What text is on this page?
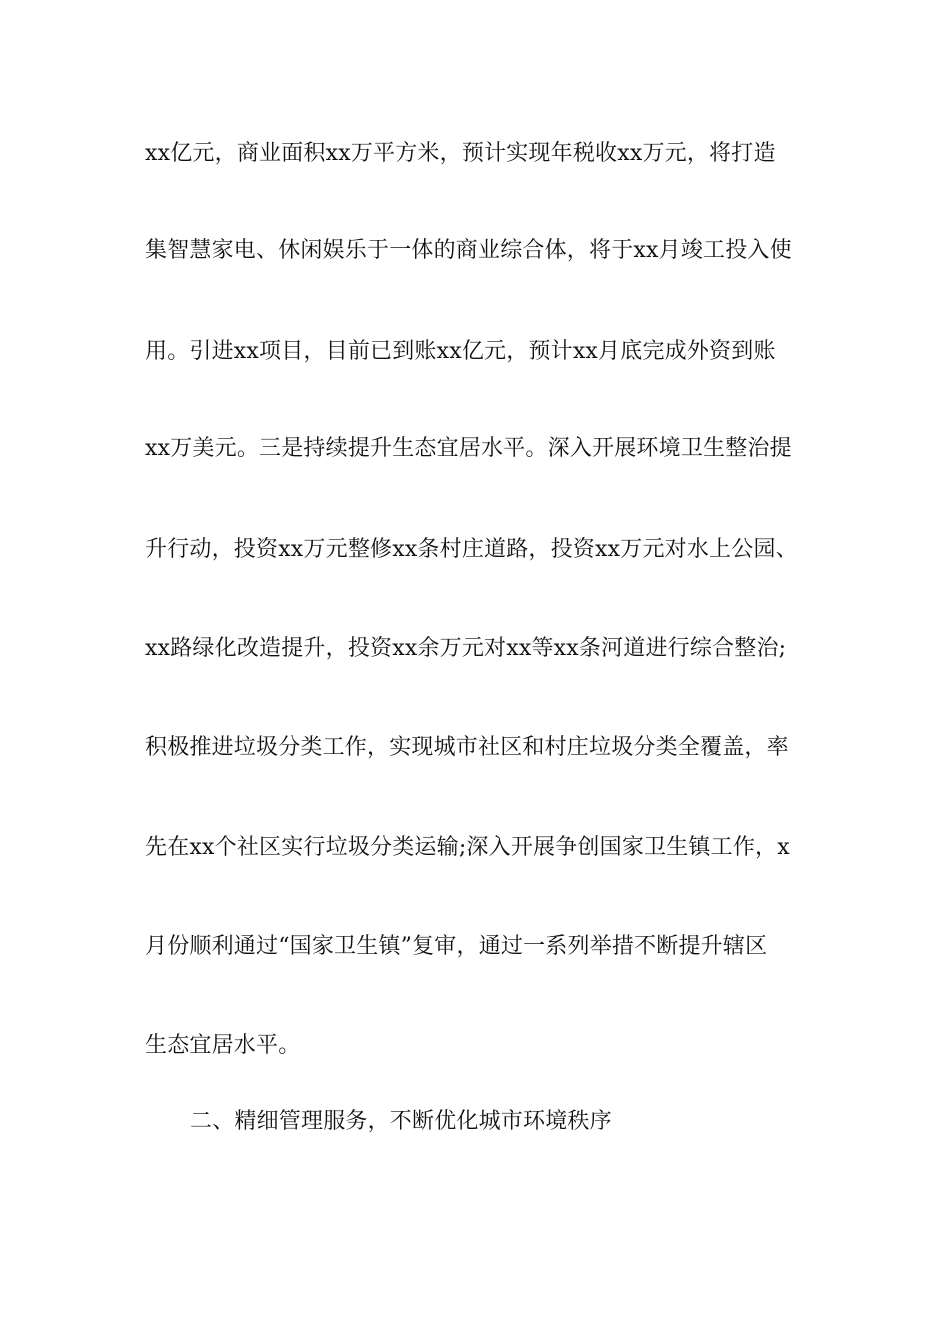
xx亿元，商业面积xx万平方米，预计实现年税收xx万元，将打造
集智慧家电、休闲娱乐于一体的商业综合体，将于xx月竣工投入使
用。引进xx项目，目前已到账xx亿元，预计xx月底完成外资到账
xx万美元。三是持续提升生态宜居水平。深入开展环境卫生整治提
升行动，投资xx万元整修xx条村庄道路，投资xx万元对水上公园、
xx路绿化改造提升，投资xx余万元对xx等xx条河道进行综合整治;
积极推进垃圾分类工作，实现城市社区和村庄垃圾分类全覆盖，率
先在xx个社区实行垃圾分类运输;深入开展争创国家卫生镇工作，x
月份顺利通过“国家卫生镇”复审，通过一系列举措不断提升辖区
生态宜居水平。
二、精细管理服务，不断优化城市环境秩序
